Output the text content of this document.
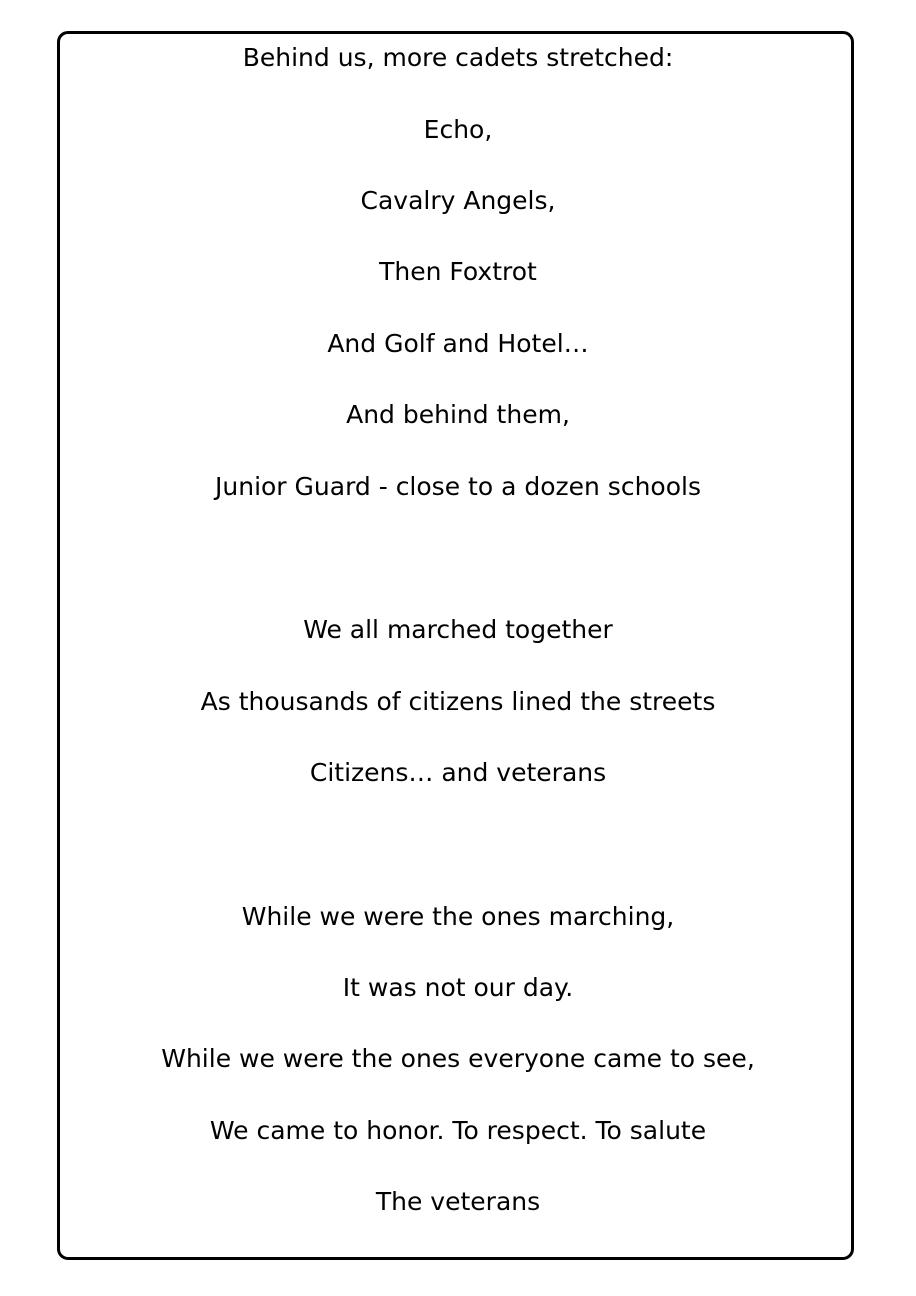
Behind us, more cadets stretched:
Echo,
Cavalry Angels,
Then Foxtrot
And Golf and Hotel…
And behind them,
Junior Guard - close to a dozen schools
We all marched together
As thousands of citizens lined the streets
Citizens… and veterans
While we were the ones marching,
It was not our day.
While we were the ones everyone came to see,
We came to honor. To respect. To salute
The veterans
